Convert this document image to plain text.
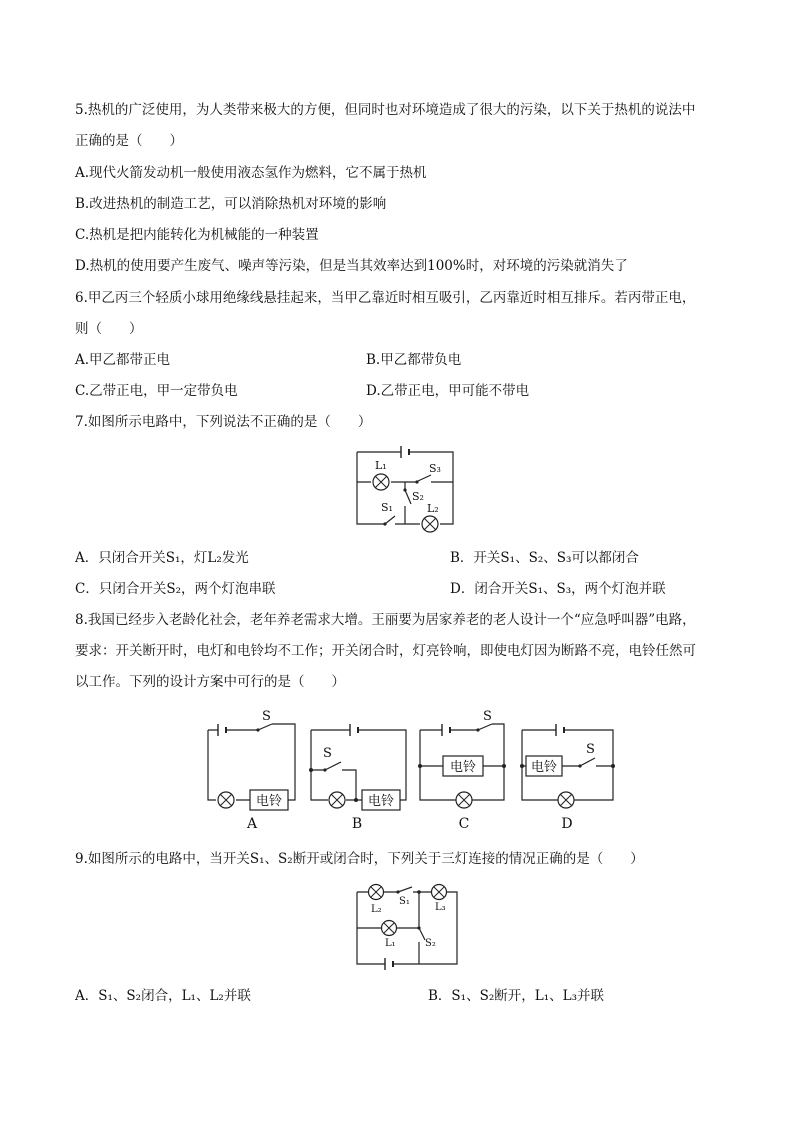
5.热机的广泛使用，为人类带来极大的方便，但同时也对环境造成了很大的污染，以下关于热机的说法中
正确的是（　　）
A.现代火箭发动机一般使用液态氢作为燃料，它不属于热机
B.改进热机的制造工艺，可以消除热机对环境的影响
C.热机是把内能转化为机械能的一种装置
D.热机的使用要产生废气、噪声等污染，但是当其效率达到100%时，对环境的污染就消失了
6.甲乙丙三个轻质小球用绝缘线悬挂起来，当甲乙靠近时相互吸引，乙丙靠近时相互排斥。若丙带正电，
则（　　）
A.甲乙都带正电	B.甲乙都带负电
C.乙带正电，甲一定带负电	D.乙带正电，甲可能不带电
7.如图所示电路中，下列说法不正确的是（　　）
L₁	S₃
S₂
S₁	L₂
A．只闭合开关S₁，灯L₂发光	B．开关S₁、S₂、S₃可以都闭合
C．只闭合开关S₂，两个灯泡串联	D．闭合开关S₁、S₃，两个灯泡并联
8.我国已经步入老龄化社会，老年养老需求大增。王丽要为居家养老的老人设计一个“应急呼叫器”电路，
要求：开关断开时，电灯和电铃均不工作；开关闭合时，灯亮铃响，即使电灯因为断路不亮，电铃任然可
以工作。下列的设计方案中可行的是（　　）
电铃
S
A
电铃
S
B
电铃
S
C
电铃
S
D
9.如图所示的电路中，当开关S₁、S₂断开或闭合时，下列关于三灯连接的情况正确的是（　　）
L₂
S₁
L₃
L₁	S₂
A．S₁、S₂闭合，L₁、L₂并联	B．S₁、S₂断开，L₁、L₃并联
